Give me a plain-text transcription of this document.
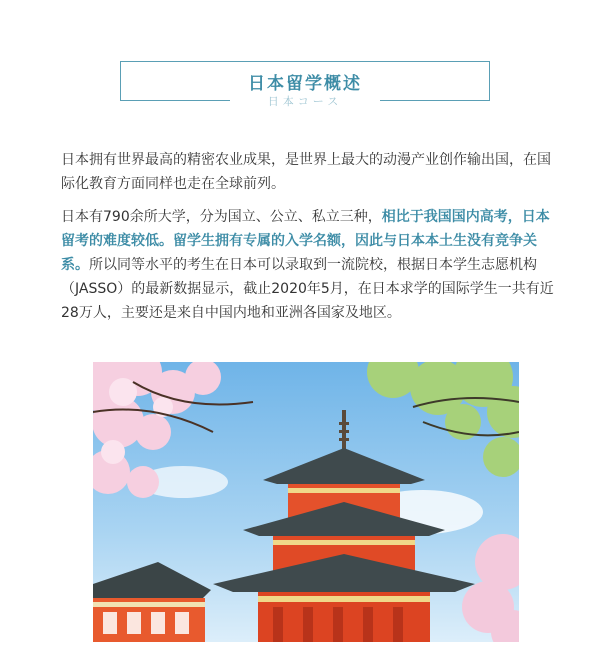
日本留学概述
日本コース

日本拥有世界最高的精密农业成果，是世界上最大的动漫产业创作输出国，在国际化教育方面同样也走在全球前列。

日本有790余所大学，分为国立、公立、私立三种，相比于我国国内高考，日本留考的难度较低。留学生拥有专属的入学名额，因此与日本本土生没有竞争关系。所以同等水平的考生在日本可以录取到一流院校，根据日本学生志愿机构（JASSO）的最新数据显示，截止2020年5月，在日本求学的国际学生一共有近28万人，主要还是来自中国内地和亚洲各国家及地区。
